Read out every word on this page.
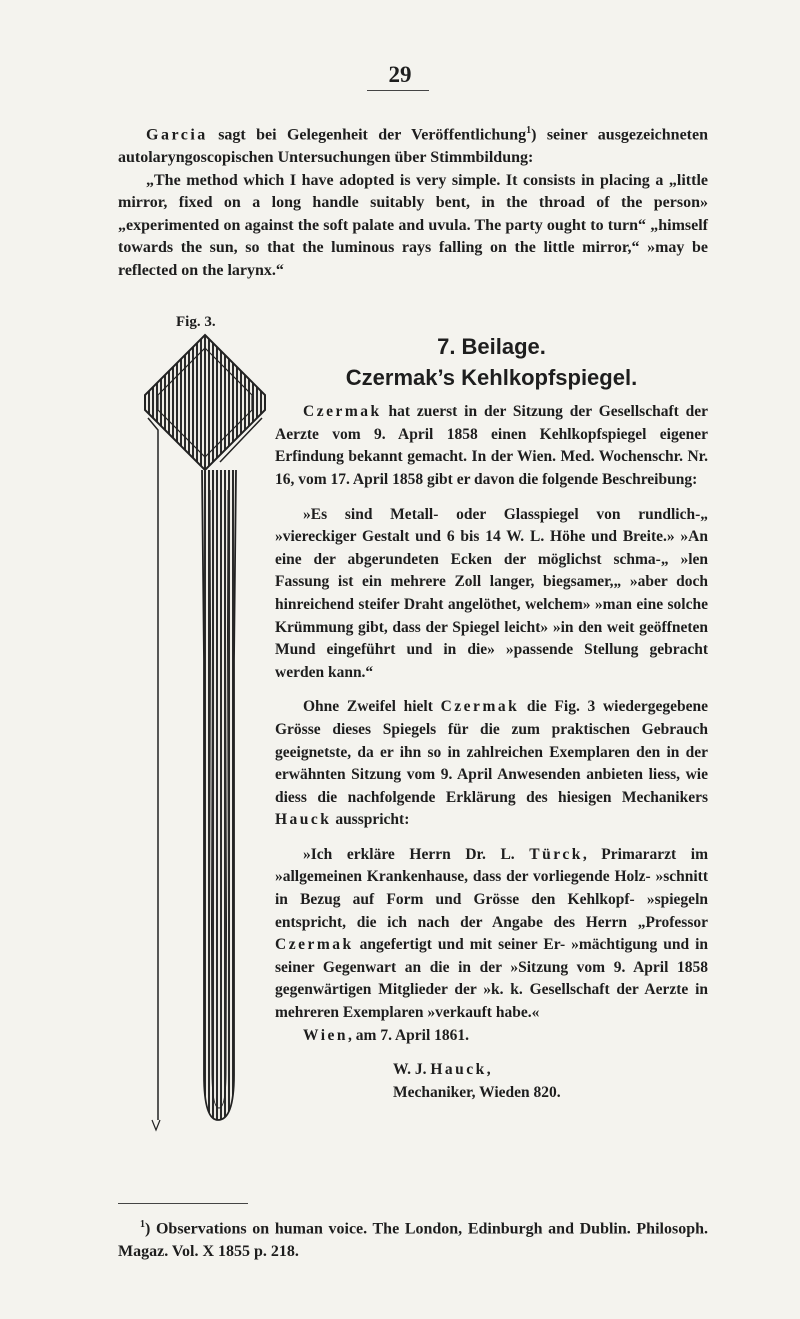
29

Garcia sagt bei Gelegenheit der Veröffentlichung$^1$) seiner ausgezeichneten autolaryngoscopischen Untersuchungen über Stimmbildung:

„The method which I have adopted is very simple. It consists in placing a „little mirror, fixed on a long handle suitably bent, in the throad of the person» „experimented on against the soft palate and uvula. The party ought to turn“ „himself towards the sun, so that the luminous rays falling on the little mirror,“ »may be reflected on the larynx.“

Fig. 3.

7. Beilage.

Czermak’s Kehlkopfspiegel.

Czermak hat zuerst in der Sitzung der Gesellschaft der Aerzte vom 9. April 1858 einen Kehlkopfspiegel eigener Erfindung bekannt gemacht. In der Wien. Med. Wochenschr. Nr. 16, vom 17. April 1858 gibt er davon die folgende Beschreibung:

»Es sind Metall- oder Glasspiegel von rundlich-„ »viereckiger Gestalt und 6 bis 14 W. L. Höhe und Breite.» »An eine der abgerundeten Ecken der möglichst schma-„ »len Fassung ist ein mehrere Zoll langer, biegsamer,„ »aber doch hinreichend steifer Draht angelöthet, welchem» »man eine solche Krümmung gibt, dass der Spiegel leicht» »in den weit geöffneten Mund eingeführt und in die» »passende Stellung gebracht werden kann.“

Ohne Zweifel hielt Czermak die Fig. 3 wiedergegebene Grösse dieses Spiegels für die zum praktischen Gebrauch geeignetste, da er ihn so in zahlreichen Exemplaren den in der erwähnten Sitzung vom 9. April Anwesenden anbieten liess, wie diess die nachfolgende Erklärung des hiesigen Mechanikers Hauck ausspricht:

»Ich erkläre Herrn Dr. L. Türck, Primararzt im »allgemeinen Krankenhause, dass der vorliegende Holz- »schnitt in Bezug auf Form und Grösse den Kehlkopf- »spiegeln entspricht, die ich nach der Angabe des Herrn „Professor Czermak angefertigt und mit seiner Er- »mächtigung und in seiner Gegenwart an die in der »Sitzung vom 9. April 1858 gegenwärtigen Mitglieder der »k. k. Gesellschaft der Aerzte in mehreren Exemplaren »verkauft habe.«

Wien, am 7. April 1861.

W. J. Hauck,

Mechaniker, Wieden 820.

$^1$) Observations on human voice. The London, Edinburgh and Dublin. Philosoph. Magaz. Vol. X 1855 p. 218.
